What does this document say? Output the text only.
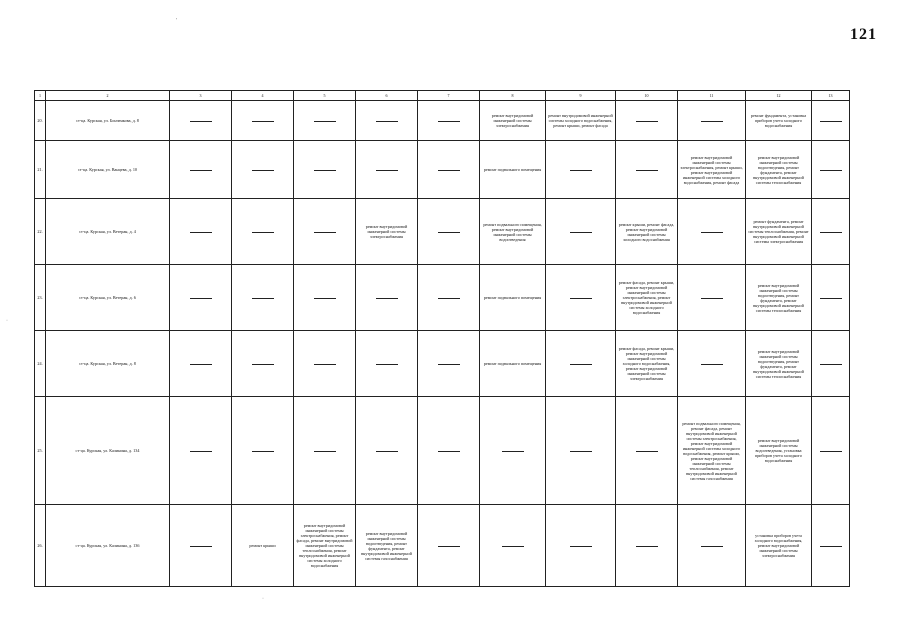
121
1	2	3	4	5	6	7	8	9	10	11	12	13
20.	ст-ца. Курская, ул. Бонченкова, д. 8						ремонт внутридомовой инженерной системы электроснабжения	ремонт внутридомовой инженерной системы холодного водоснабжения, ремонт крыши, ремонт фасада			ремонт фундамента, установка приборов учета холодного водоснабжения	
21.	ст-ца. Курская, ул. Ванцева, д. 10						ремонт подвального помещения			ремонт внутридомовой инженерной системы электроснабжения, ремонт крыши, ремонт внутридомовой инженерной системы холодного водоснабжения, ремонт фасада	ремонт внутридомовой инженерной системы водоотведения, ремонт фундамента, ремонт внутридомовой инженерной системы теплоснабжения	
22.	ст-ца. Курская, ул. Ветеран, д. 4				ремонт внутридомовой инженерной системы электроснабжения		ремонт подвального помещения, ремонт внутридомовой инженерной системы водоотведения		ремонт крыши, ремонт фасада, ремонт внутридомовой инженерной системы холодного водоснабжения		ремонт фундамента, ремонт внутридомовой инженерной системы теплоснабжения, ремонт внутридомовой инженерной системы электроснабжения	
23.	ст-ца. Курская, ул. Ветеран, д. 6						ремонт подвального помещения		ремонт фасада, ремонт крыши, ремонт внутридомовой инженерной системы электроснабжения, ремонт внутридомовой инженерной системы холодного водоснабжения		ремонт внутридомовой инженерной системы водоотведения, ремонт фундамента, ремонт внутридомовой инженерной системы теплоснабжения	
24.	ст-ца. Курская, ул. Ветеран, д. 8						ремонт подвального помещения		ремонт фасада, ремонт крыши, ремонт внутридомовой инженерной системы холодного водоснабжения, ремонт внутридомовой инженерной системы электроснабжения		ремонт внутридомовой инженерной системы водоотведения, ремонт фундамента, ремонт внутридомовой инженерной системы теплоснабжения	
25.	ст-ца. Курская, ул. Калинина, д. 134									ремонт подвального помещения, ремонт фасада, ремонт внутридомовой инженерной системы электроснабжения, ремонт внутридомовой инженерной системы холодного водоснабжения, ремонт крыши, ремонт внутридомовой инженерной системы теплоснабжения, ремонт внутридомовой инженерной системы газоснабжения	ремонт внутридомовой инженерной системы водоотведения, установка приборов учета холодного водоснабжения	
26.	ст-ца. Курская, ул. Калинина, д. 136		ремонт крыши	ремонт внутридомовой инженерной системы электроснабжения, ремонт фасада, ремонт внутридомовой инженерной системы теплоснабжения, ремонт внутридомовой инженерной системы холодного водоснабжения	ремонт внутридомовой инженерной системы водоотведения, ремонт фундамента, ремонт внутридомовой инженерной системы газоснабжения						установка приборов учета холодного водоснабжения, ремонт внутридомовой инженерной системы электроснабжения	
'
·
·
